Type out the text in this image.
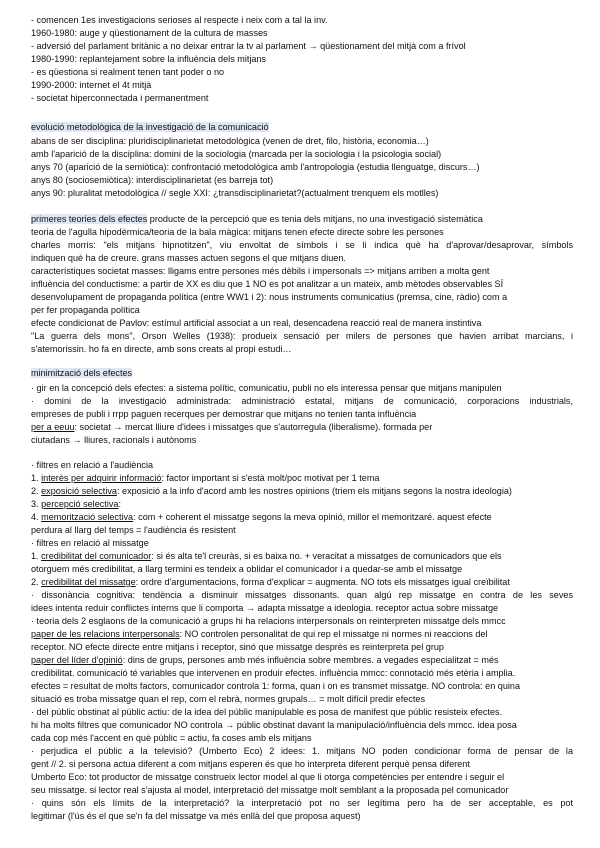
- comencen 1es investigacions serioses al respecte i neix com a tal la inv.
1960-1980: auge y qüestionament de la cultura de masses
- adversió del parlament britànic a no deixar entrar la tv al parlament → qüestionament del mitjà com a frívol
1980-1990: replantejament sobre la influència dels mitjans
- es qüestiona si realment tenen tant poder o no
1990-2000: internet el 4t mitjà
- societat hiperconnectada i permanentment
evolució metodològica de la investigació de la comunicació
abans de ser disciplina: pluridisciplinarietat metodològica (venen de dret, filo, història, economia…)
amb l'aparició de la disciplina: domini de la sociologia (marcada per la sociologia i la psicologia social)
anys 70 (aparició de la semiòtica): confrontació metodològica amb l'antropologia (estudia llenguatge, discurs…)
anys 80 (sociosemiòtica): interdisciplinarietat (es barreja tot)
anys 90: pluralitat metodològica // segle XXI: ¿transdisciplinarietat?(actualment trenquem els motlles)
primeres teories dels efectes producte de la percepció que es tenia dels mitjans, no una investigació sistemàtica
teoria de l'agulla hipodèrmica/teoria de la bala màgica: mitjans tenen efecte directe sobre les persones
charles morris: "els mitjans hipnotitzen", viu envoltat de símbols i se li indica què ha d'aprovar/desaprovar, símbols
indiquen què ha de creure. grans masses actuen segons el que mitjans diuen.
característiques societat masses: lligams entre persones més dèbils i impersonals => mitjans arriben a molta gent
influència del conductisme: a partir de XX es diu que 1 NO es pot analitzar a un mateix, amb mètodes observables SÍ
desenvolupament de propaganda política (entre WW1 i 2): nous instruments comunicatius (premsa, cine, ràdio) com a
per fer propaganda política
efecte condicionat de Pavlov: estímul artificial associat a un real, desencadena reacció real de manera instintiva
"La guerra dels mons", Orson Welles (1938): produeix sensació per milers de persones que havien arribat marcians, i
s'atemorissin. ho fa en directe, amb sons creats al propi estudi…
minimització dels efectes
· gir en la concepció dels efectes: a sistema polític, comunicatiu, publi no els interessa pensar que mitjans manipulen
· domini de la investigació administrada: administració estatal, mitjans de comunicació, corporacions industrials,
empreses de publi i rrpp paguen recerques per demostrar que mitjans no tenien tanta influència
per a eeuu: societat → mercat lliure d'idees i missatges que s'autorregula (liberalisme). formada per
ciutadans → lliures, racionals i autònoms
· filtres en relació a l'audiència
1. interès per adquirir informació: factor important si s'està molt/poc motivat per 1 tema
2. exposició selectiva: exposició a la info d'acord amb les nostres opinions (triem els mitjans segons la nostra ideologia)
3. percepció selectiva:
4. memorització selectiva: com + coherent el missatge segons la meva opinió, millor el memoritzaré. aquest efecte
perdura al llarg del temps = l'audiència és resistent
· filtres en relació al missatge
1. credibilitat del comunicador: si és alta te'l creuràs, si es baixa no. + veracitat a missatges de comunicadors que els
otorguem més credibilitat, a llarg termini es tendeix a oblidar el comunicador i a quedar-se amb el missatge
2. credibilitat del missatge: ordre d'argumentacions, forma d'explicar = augmenta. NO tots els missatges igual creïbilitat
· dissonància cognitiva: tendència a disminuir missatges dissonants. quan algú rep missatge en contra de les seves
idees intenta reduir conflictes interns que li comporta → adapta missatge a ideologia. receptor actua sobre missatge
· teoria dels 2 esglaons de la comunicació a grups hi ha relacions interpersonals on reinterpreten missatge dels mmcc
paper de les relacions interpersonals: NO controlen personalitat de qui rep el missatge ni normes ni reaccions del
receptor. NO efecte directe entre mitjans i receptor, sinó que missatge desprès es reinterpreta pel grup
paper del líder d'opinió: dins de grups, persones amb més influència sobre membres. a vegades especialitzat = més
credibilitat. comunicació té variables que intervenen en produir efectes. influència mmcc: connotació més etèria i amplia.
efectes = resultat de molts factors, comunicador controla 1: forma, quan i on es transmet missatge. NO controla: en quina
situació es troba missatge quan el rep, com el rebrà, normes grupals… = molt difícil predir efectes
· del públic obstinat al públic actiu: de la idea del públic manipulable es posa de manifest que públic resisteix efectes.
hi ha molts filtres que comunicador NO controla → públic obstinat davant la manipulació/influència dels mmcc. idea posa
cada cop més l'accent en què públic = actiu, fa coses amb els mitjans
· perjudica el públic a la televisió? (Umberto Eco) 2 idees: 1. mitjans NO poden condicionar forma de pensar de la
gent // 2. si persona actua diferent a com mitjans esperen és que ho interpreta diferent perquè pensa diferent
Umberto Eco: tot productor de missatge construeix lector model al que li otorga competències per entendre i seguir el
seu missatge. si lector real s'ajusta al model, interpretació del missatge molt semblant a la proposada pel comunicador
· quins són els límits de la interpretació? la interpretació pot no ser legítima pero ha de ser acceptable, es pot
legitimar (l'ús és el que se'n fa del missatge va més enllà del que proposa aquest)
